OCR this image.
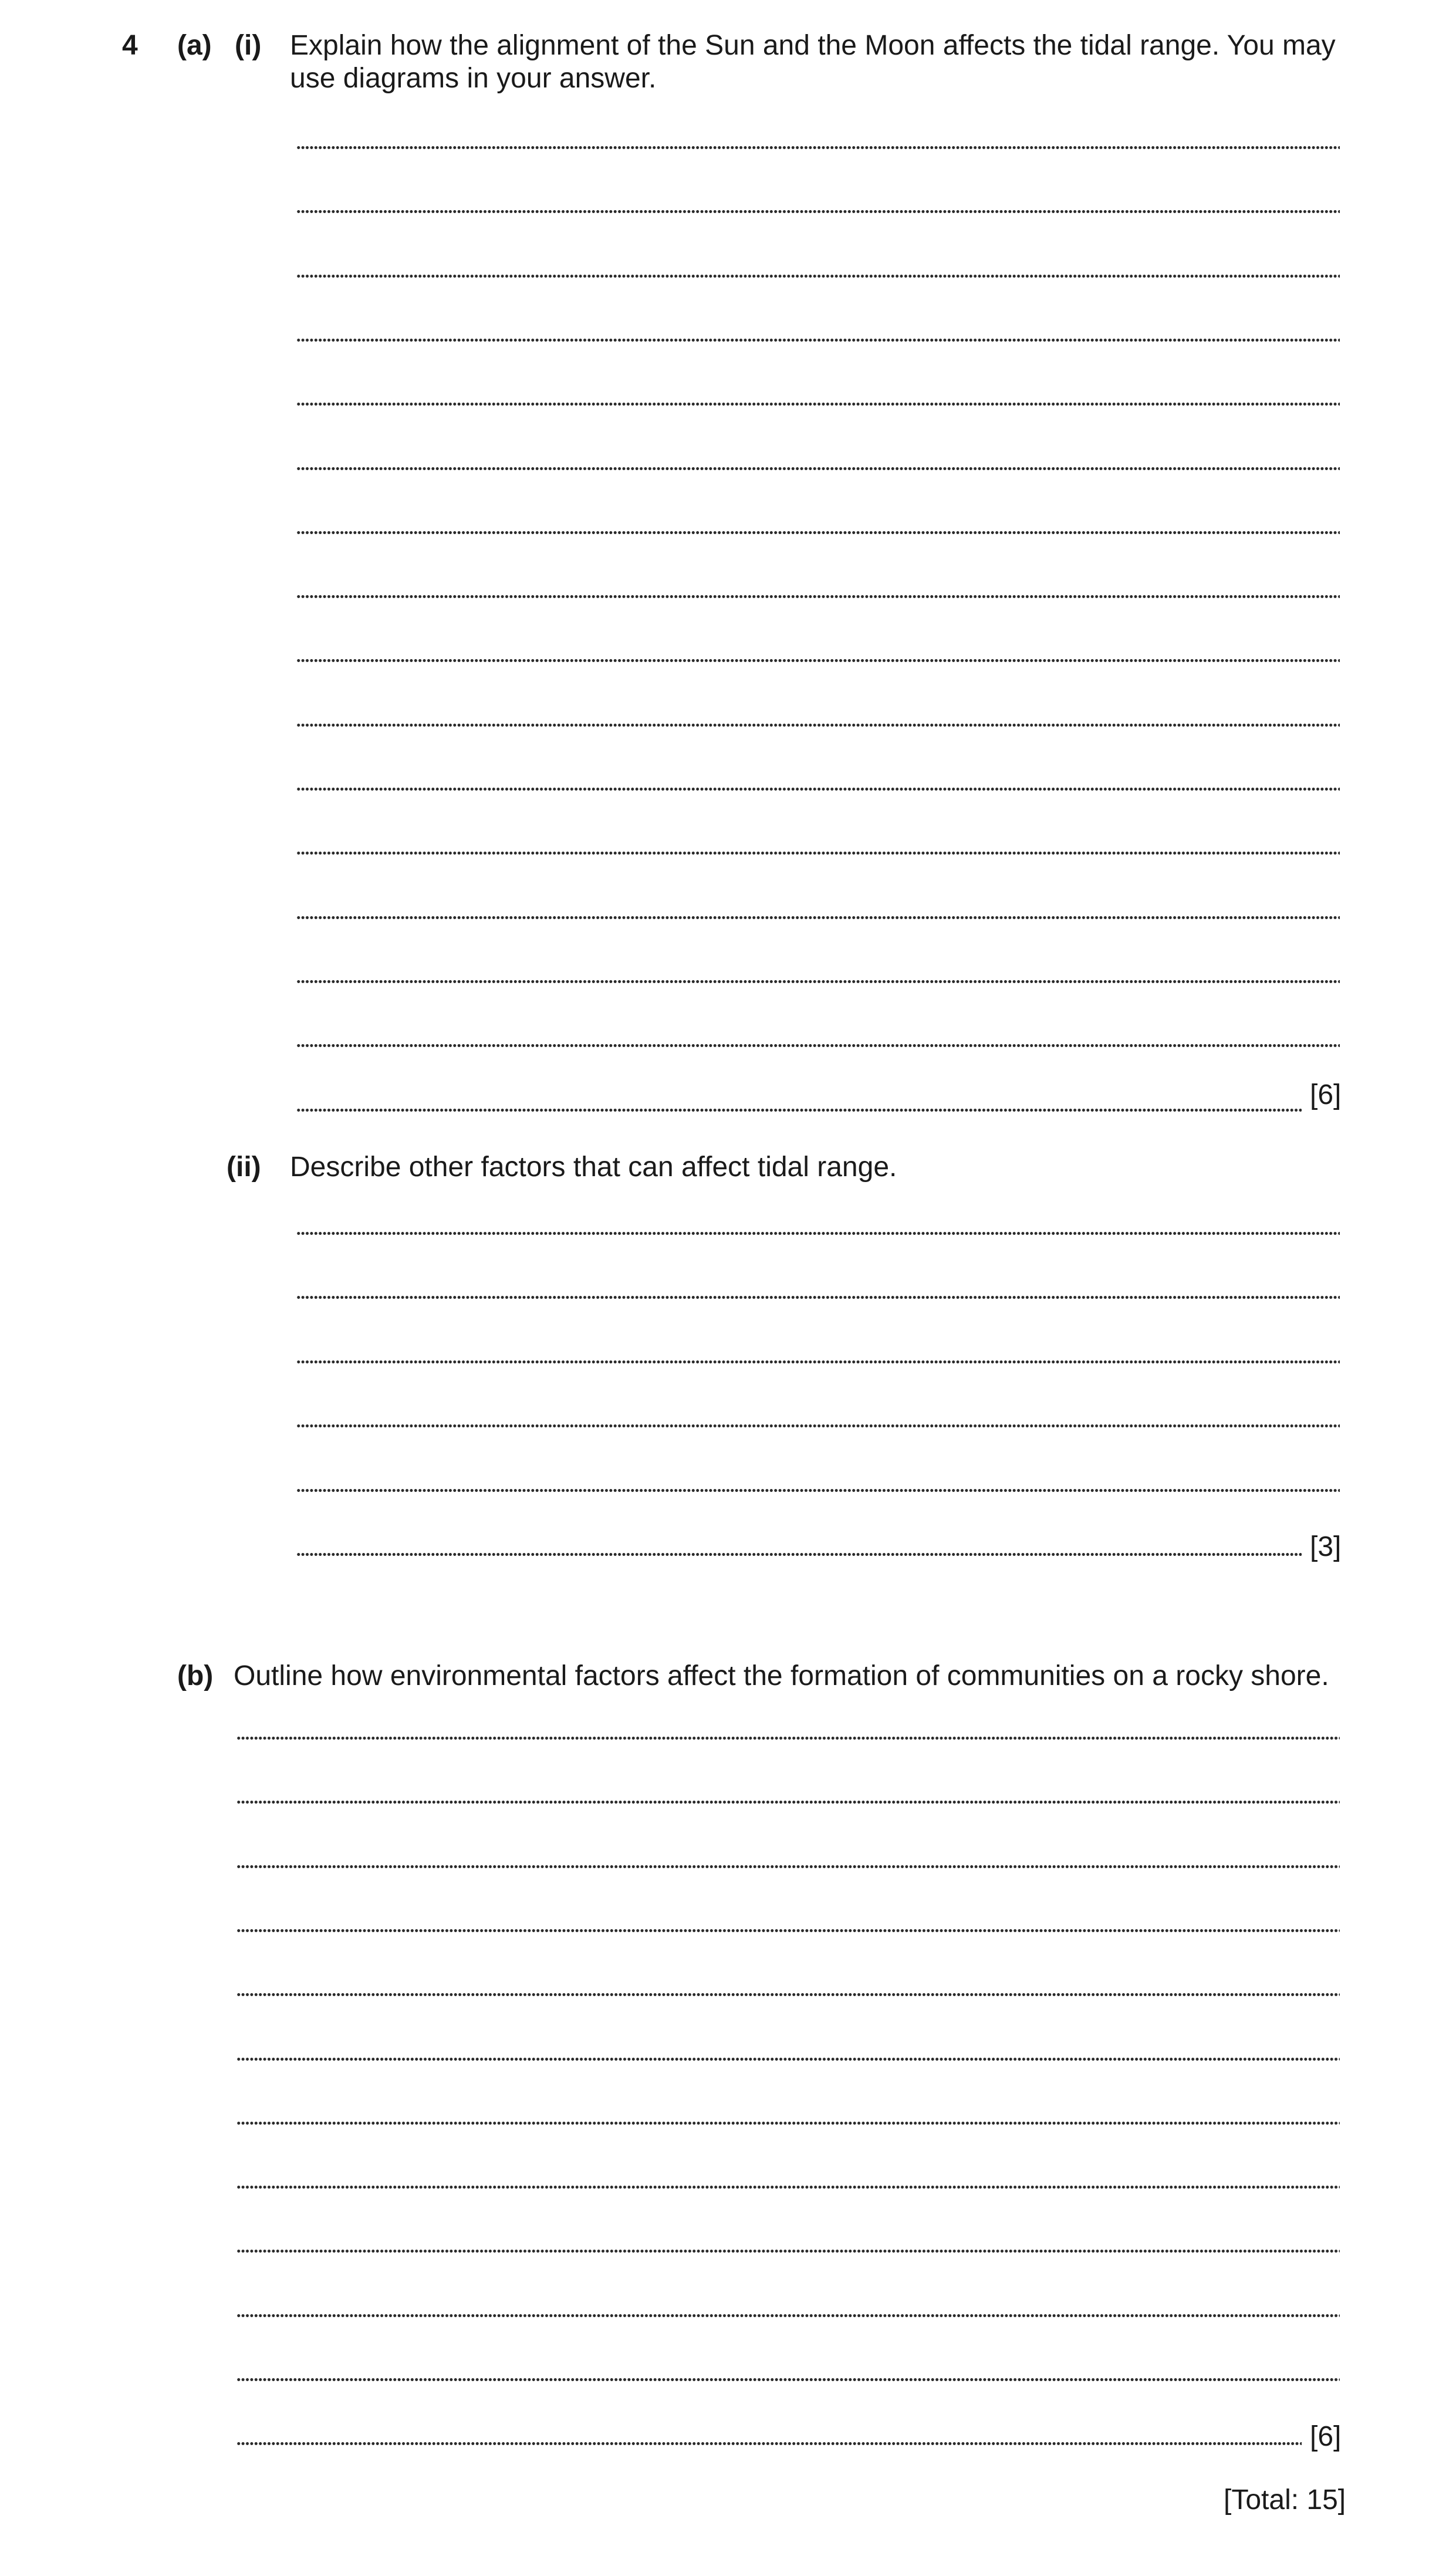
4 (a) (i) Explain how the alignment of the Sun and the Moon affects the tidal range. You may use diagrams in your answer.
[6]
(ii) Describe other factors that can affect tidal range.
[3]
(b) Outline how environmental factors affect the formation of communities on a rocky shore.
[6]
[Total: 15]
